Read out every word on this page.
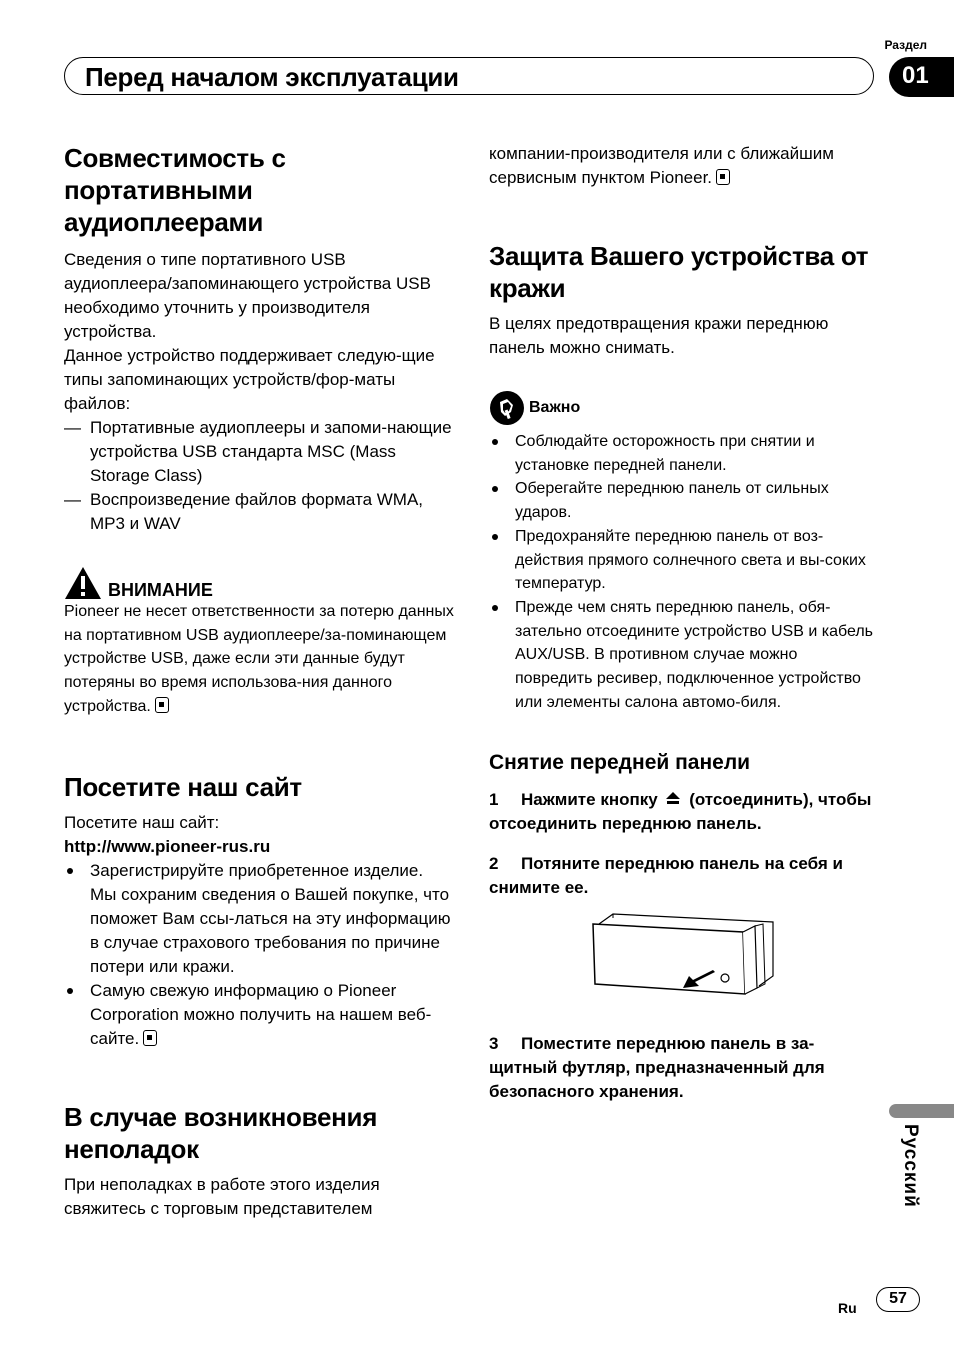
Раздел
Перед началом эксплуатации	01
Совместимость с портативными аудиоплеерами

Сведения о типе портативного USB аудиоплеера/запоминающего устройства USB необходимо уточнить у производителя устройства.

Данное устройство поддерживает следую-щие типы запоминающих устройств/фор-маты файлов:

— Портативные аудиоплееры и запоми-нающие устройства USB стандарта MSC (Mass Storage Class)
— Воспроизведение файлов формата WMA, MP3 и WAV
ВНИМАНИЕ

Pioneer не несет ответственности за потерю данных на портативном USB аудиоплеере/за-поминающем устройстве USB, даже если эти данные будут потеряны во время использова-ния данного устройства.

Посетите наш сайт

Посетите наш сайт:

http://www.pioneer-rus.ru

Зарегистрируйте приобретенное изделие. Мы сохраним сведения о Вашей покупке, что поможет Вам ссы-латься на эту информацию в случае страхового требования по причине потери или кражи.
Самую свежую информацию о Pioneer Corporation можно получить на нашем веб-сайте.
В случае возникновения неполадок

При неполадках в работе этого изделия свяжитесь с торговым представителем

компании-производителя или с ближайшим сервисным пунктом Pioneer.

Защита Вашего устройства от кражи

В целях предотвращения кражи переднюю панель можно снимать.

Важно
Соблюдайте осторожность при снятии и установке передней панели.
Оберегайте переднюю панель от сильных ударов.
Предохраняйте переднюю панель от воз-действия прямого солнечного света и вы-соких температур.
Прежде чем снять переднюю панель, обя-зательно отсоедините устройство USB и кабель AUX/USB. В противном случае можно повредить ресивер, подключенное устройство или элементы салона автомо-биля.
Снятие передней панели

1 Нажмите кнопку (отсоединить), чтобы отсоединить переднюю панель.

2 Потяните переднюю панель на себя и снимите ее.

3 Поместите переднюю панель в за-щитный футляр, предназначенный для безопасного хранения.

Русский
Ru
57
